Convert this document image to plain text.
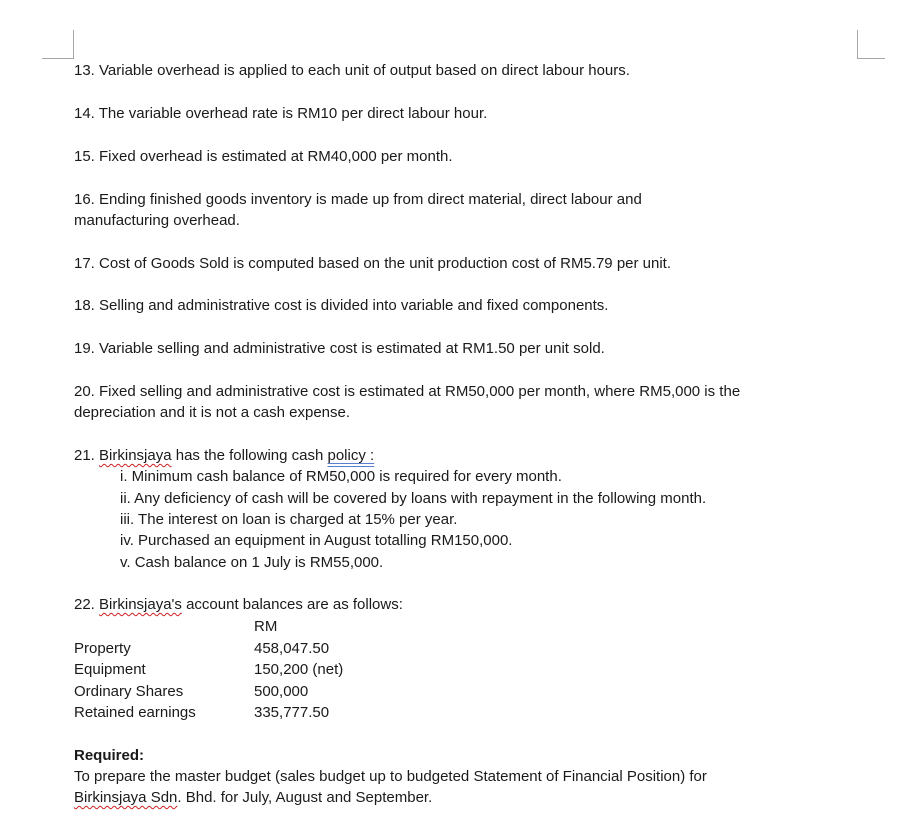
13. Variable overhead is applied to each unit of output based on direct labour hours.
14. The variable overhead rate is RM10 per direct labour hour.
15. Fixed overhead is estimated at RM40,000 per month.
16. Ending finished goods inventory is made up from direct material, direct labour and
manufacturing overhead.
17. Cost of Goods Sold is computed based on the unit production cost of RM5.79 per unit.
18. Selling and administrative cost is divided into variable and fixed components.
19. Variable selling and administrative cost is estimated at RM1.50 per unit sold.
20. Fixed selling and administrative cost is estimated at RM50,000 per month, where RM5,000 is the
depreciation and it is not a cash expense.
21. Birkinsjaya has the following cash policy :
i. Minimum cash balance of RM50,000 is required for every month.
ii. Any deficiency of cash will be covered by loans with repayment in the following month.
iii. The interest on loan is charged at 15% per year.
iv. Purchased an equipment in August totalling RM150,000.
v. Cash balance on 1 July is RM55,000.
22. Birkinsjaya's account balances are as follows:
RM
Property	458,047.50
Equipment	150,200 (net)
Ordinary Shares	500,000
Retained earnings	335,777.50
Required:
To prepare the master budget (sales budget up to budgeted Statement of Financial Position) for
Birkinsjaya Sdn. Bhd. for July, August and September.
